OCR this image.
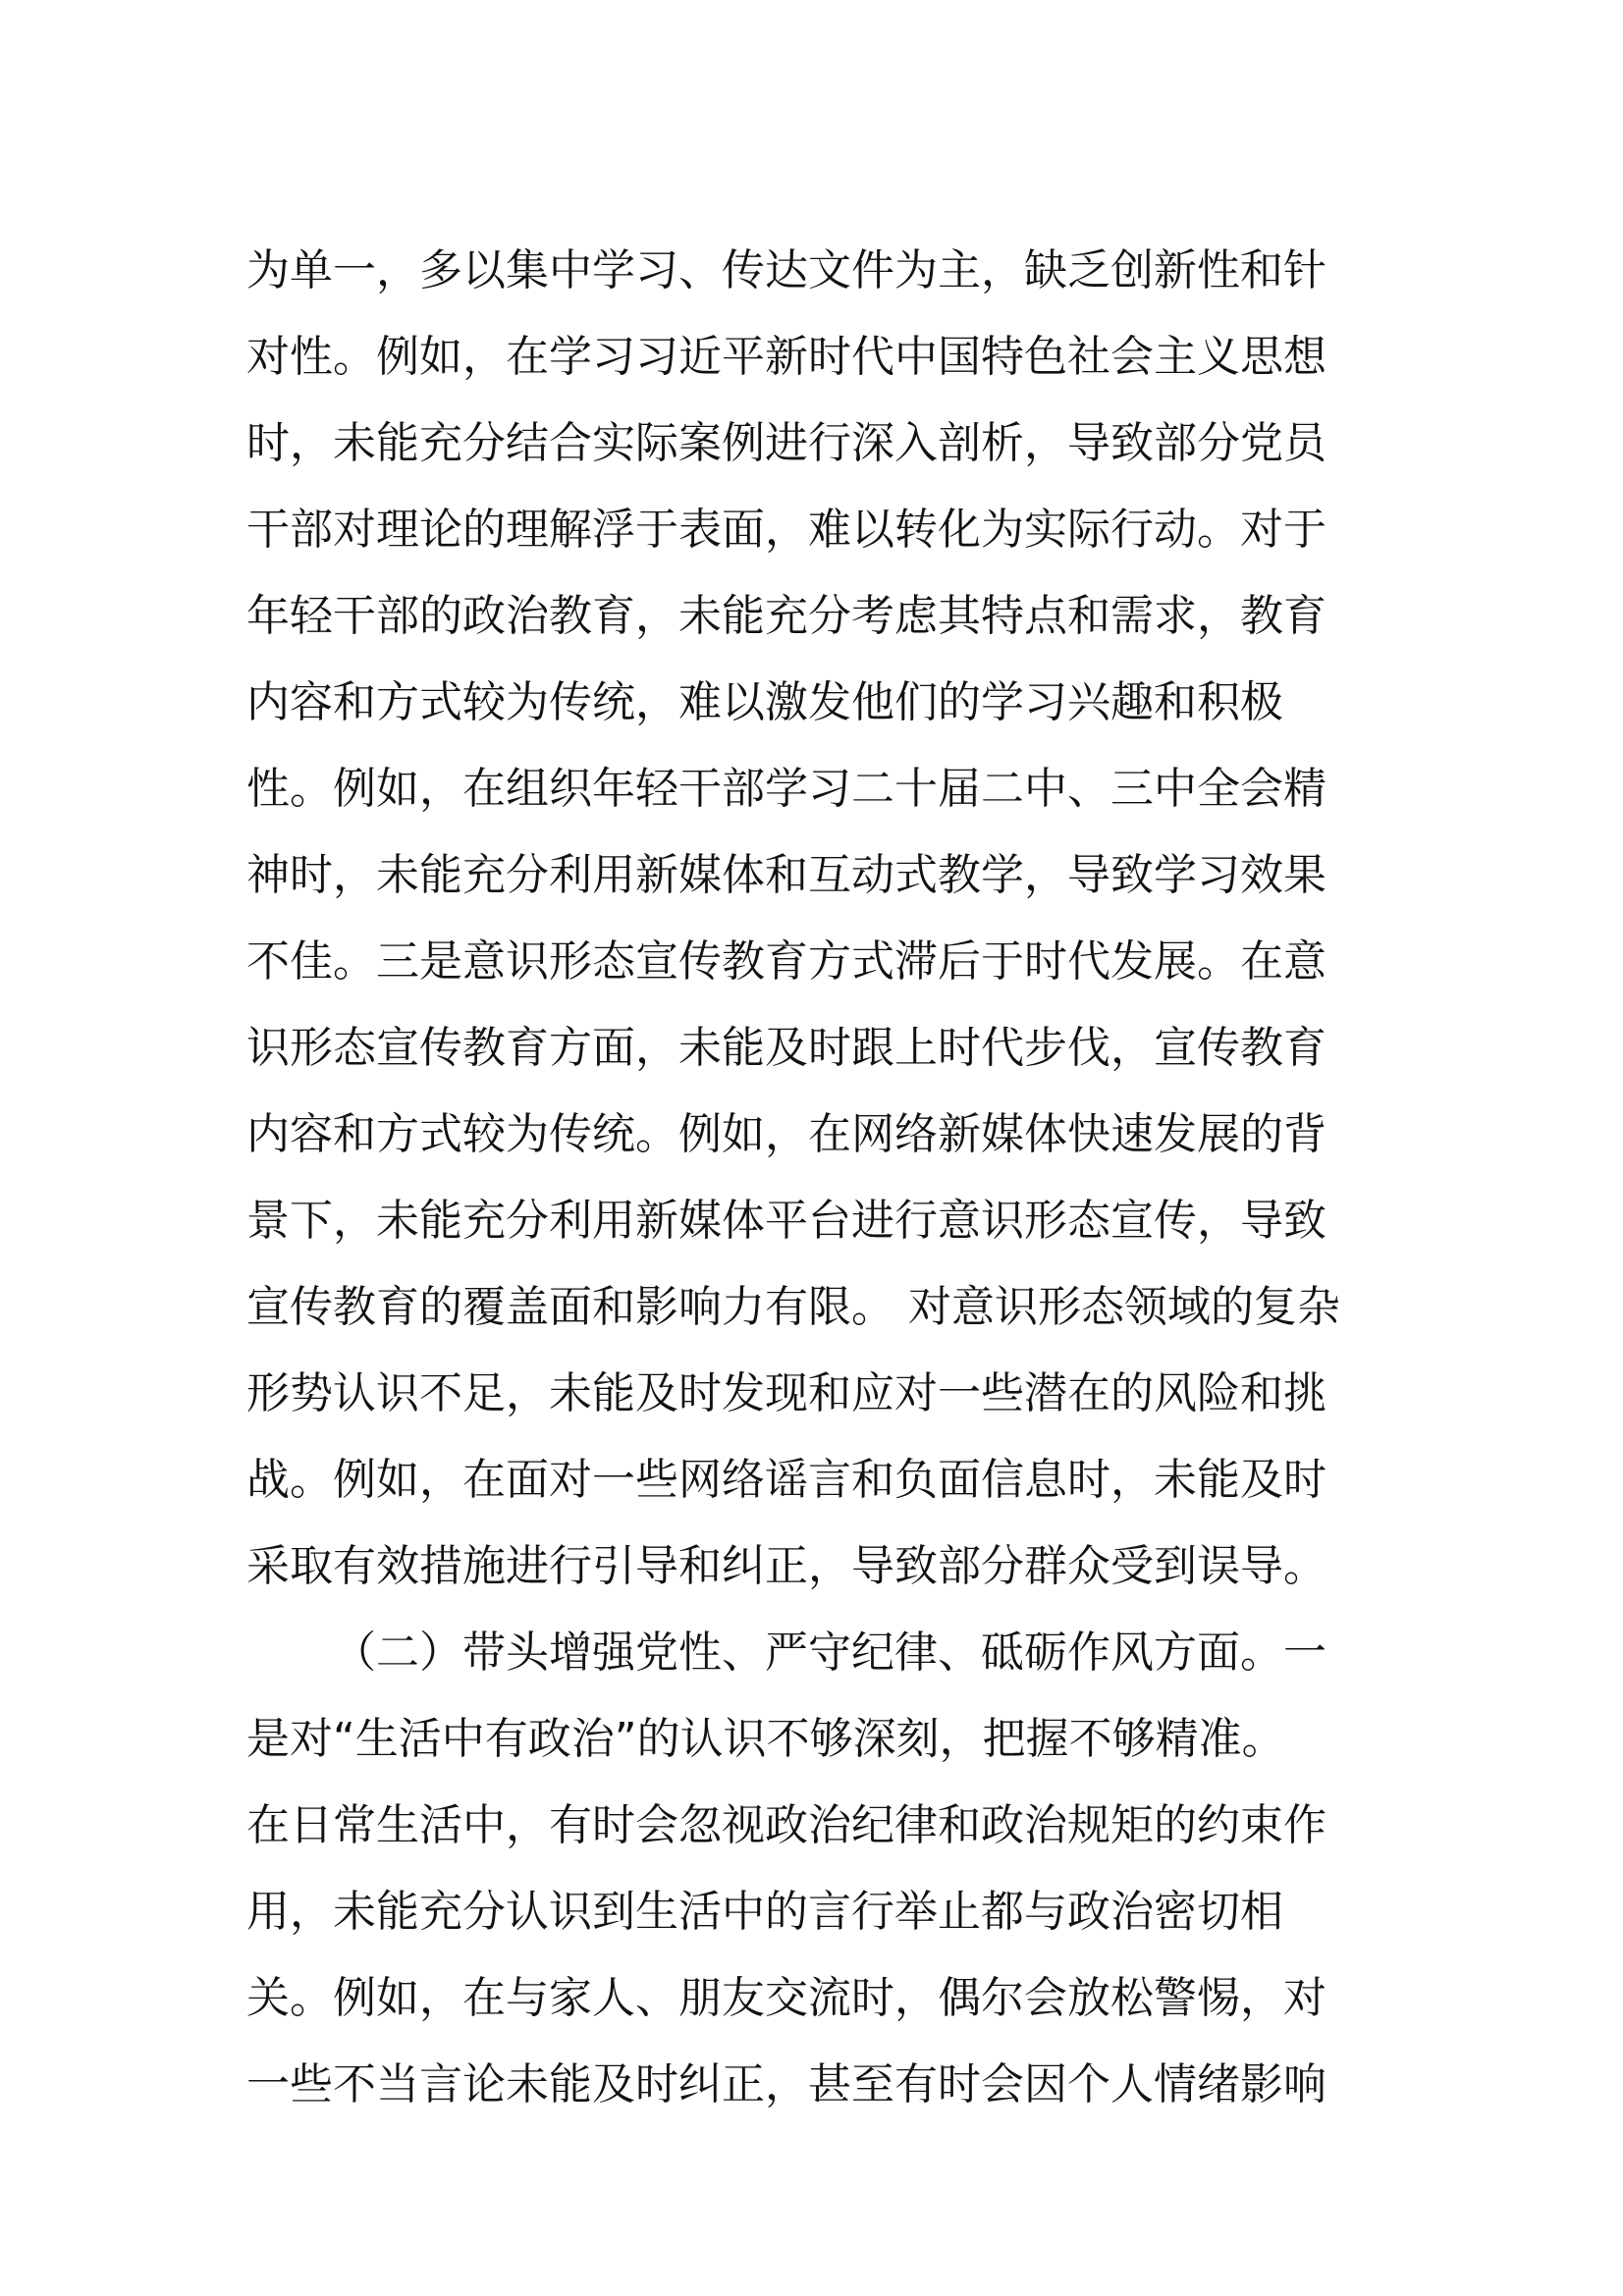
为单一，多以集中学习、传达文件为主，缺乏创新性和针
对性。例如，在学习习近平新时代中国特色社会主义思想
时，未能充分结合实际案例进行深入剖析，导致部分党员
干部对理论的理解浮于表面，难以转化为实际行动。对于
年轻干部的政治教育，未能充分考虑其特点和需求，教育
内容和方式较为传统，难以激发他们的学习兴趣和积极
性。例如，在组织年轻干部学习二十届二中、三中全会精
神时，未能充分利用新媒体和互动式教学，导致学习效果
不佳。三是意识形态宣传教育方式滞后于时代发展。在意
识形态宣传教育方面，未能及时跟上时代步伐，宣传教育
内容和方式较为传统。例如，在网络新媒体快速发展的背
景下，未能充分利用新媒体平台进行意识形态宣传，导致
宣传教育的覆盖面和影响力有限。 对意识形态领域的复杂
形势认识不足，未能及时发现和应对一些潜在的风险和挑
战。例如，在面对一些网络谣言和负面信息时，未能及时
采取有效措施进行引导和纠正，导致部分群众受到误导。
（二）带头增强党性、严守纪律、砥砺作风方面。一
是对“生活中有政治”的认识不够深刻，把握不够精准。
在日常生活中，有时会忽视政治纪律和政治规矩的约束作
用，未能充分认识到生活中的言行举止都与政治密切相
关。例如，在与家人、朋友交流时，偶尔会放松警惕，对
一些不当言论未能及时纠正，甚至有时会因个人情绪影响
